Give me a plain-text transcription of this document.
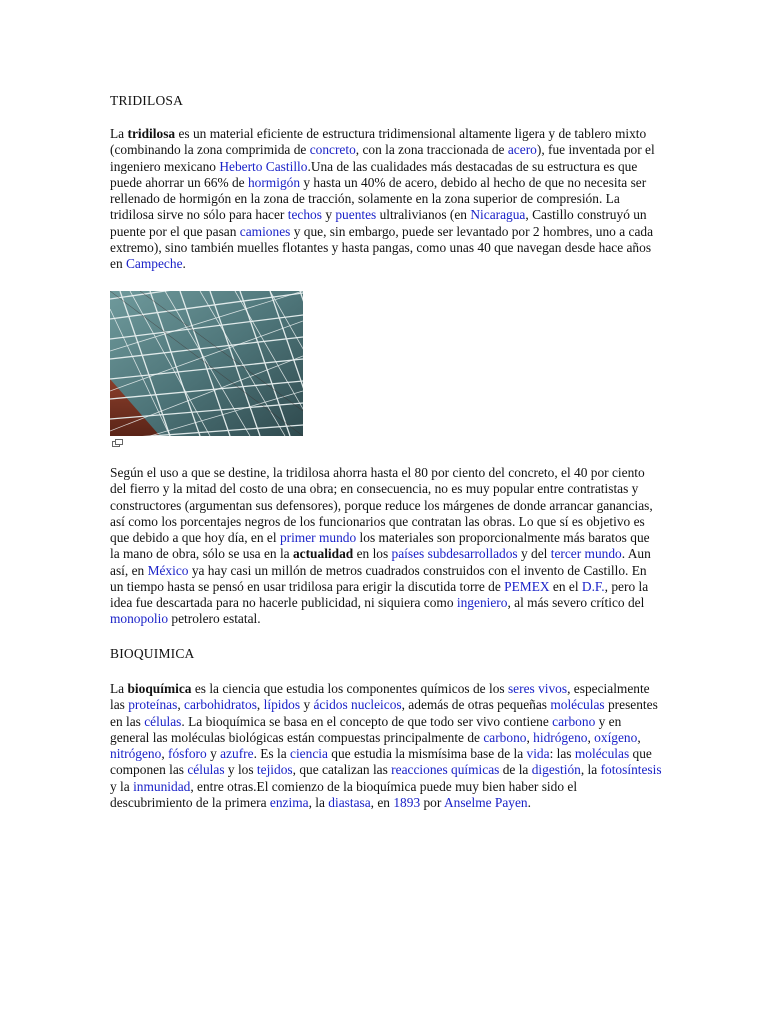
TRIDILOSA

La tridilosa es un material eficiente de estructura tridimensional altamente ligera y de tablero mixto (combinando la zona comprimida de concreto, con la zona traccionada de acero), fue inventada por el ingeniero mexicano Heberto Castillo.Una de las cualidades más destacadas de su estructura es que puede ahorrar un 66% de hormigón y hasta un 40% de acero, debido al hecho de que no necesita ser rellenado de hormigón en la zona de tracción, solamente en la zona superior de compresión. La tridilosa sirve no sólo para hacer techos y puentes ultralivianos (en Nicaragua, Castillo construyó un puente por el que pasan camiones y que, sin embargo, puede ser levantado por 2 hombres, uno a cada extremo), sino también muelles flotantes y hasta pangas, como unas 40 que navegan desde hace años en Campeche.

Según el uso a que se destine, la tridilosa ahorra hasta el 80 por ciento del concreto, el 40 por ciento del fierro y la mitad del costo de una obra; en consecuencia, no es muy popular entre contratistas y constructores (argumentan sus defensores), porque reduce los márgenes de donde arrancar ganancias, así como los porcentajes negros de los funcionarios que contratan las obras. Lo que sí es objetivo es que debido a que hoy día, en el primer mundo los materiales son proporcionalmente más baratos que la mano de obra, sólo se usa en la actualidad en los países subdesarrollados y del tercer mundo. Aun así, en México ya hay casi un millón de metros cuadrados construidos con el invento de Castillo. En un tiempo hasta se pensó en usar tridilosa para erigir la discutida torre de PEMEX en el D.F., pero la idea fue descartada para no hacerle publicidad, ni siquiera como ingeniero, al más severo crítico del monopolio petrolero estatal.

BIOQUIMICA

La bioquímica es la ciencia que estudia los componentes químicos de los seres vivos, especialmente las proteínas, carbohidratos, lípidos y ácidos nucleicos, además de otras pequeñas moléculas presentes en las células. La bioquímica se basa en el concepto de que todo ser vivo contiene carbono y en general las moléculas biológicas están compuestas principalmente de carbono, hidrógeno, oxígeno, nitrógeno, fósforo y azufre. Es la ciencia que estudia la mismísima base de la vida: las moléculas que componen las células y los tejidos, que catalizan las reacciones químicas de la digestión, la fotosíntesis y la inmunidad, entre otras.El comienzo de la bioquímica puede muy bien haber sido el descubrimiento de la primera enzima, la diastasa, en 1893 por Anselme Payen.
